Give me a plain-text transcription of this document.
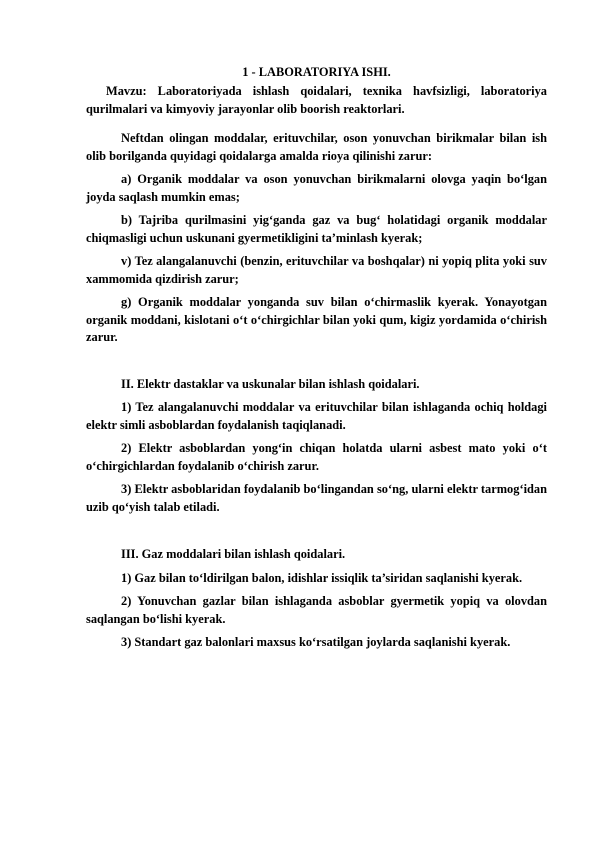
1 - LABORATORIYA ISHI.
Mavzu: Laboratoriyada ishlash qoidalari, texnika havfsizligi, laboratoriya qurilmalari va kimyoviy jarayonlar olib boorish reaktorlari.
Neftdan olingan moddalar, erituvchilar, oson yonuvchan birikmalar bilan ish olib borilganda quyidagi qoidalarga amalda rioya qilinishi zarur:
a) Organik moddalar va oson yonuvchan birikmalarni olovga yaqin bo‘lgan joyda saqlash mumkin emas;
b) Tajriba qurilmasini yig‘ganda gaz va bug‘ holatidagi organik moddalar chiqmasligi uchun uskunani gyermetikligini ta’minlash kyerak;
v) Tez alangalanuvchi (benzin, erituvchilar va boshqalar) ni yopiq plita yoki suv xammomida qizdirish zarur;
g) Organik moddalar yonganda suv bilan o‘chirmaslik kyerak. Yonayotgan organik moddani, kislotani o‘t o‘chirgichlar bilan yoki qum, kigiz yordamida o‘chirish zarur.
II. Elektr dastaklar va uskunalar bilan ishlash qoidalari.
1) Tez alangalanuvchi moddalar va erituvchilar bilan ishlaganda ochiq holdagi elektr simli asboblardan foydalanish taqiqlanadi.
2) Elektr asboblardan yong‘in chiqan holatda ularni asbest mato yoki o‘t o‘chirgichlardan foydalanib o‘chirish zarur.
3) Elektr asboblaridan foydalanib bo‘lingandan so‘ng, ularni elektr tarmog‘idan uzib qo‘yish talab etiladi.
III. Gaz moddalari bilan ishlash qoidalari.
1) Gaz bilan to‘ldirilgan balon, idishlar issiqlik ta’siridan saqlanishi kyerak.
2) Yonuvchan gazlar bilan ishlaganda asboblar gyermetik yopiq va olovdan saqlangan bo‘lishi kyerak.
3) Standart gaz balonlari maxsus ko‘rsatilgan joylarda saqlanishi kyerak.
